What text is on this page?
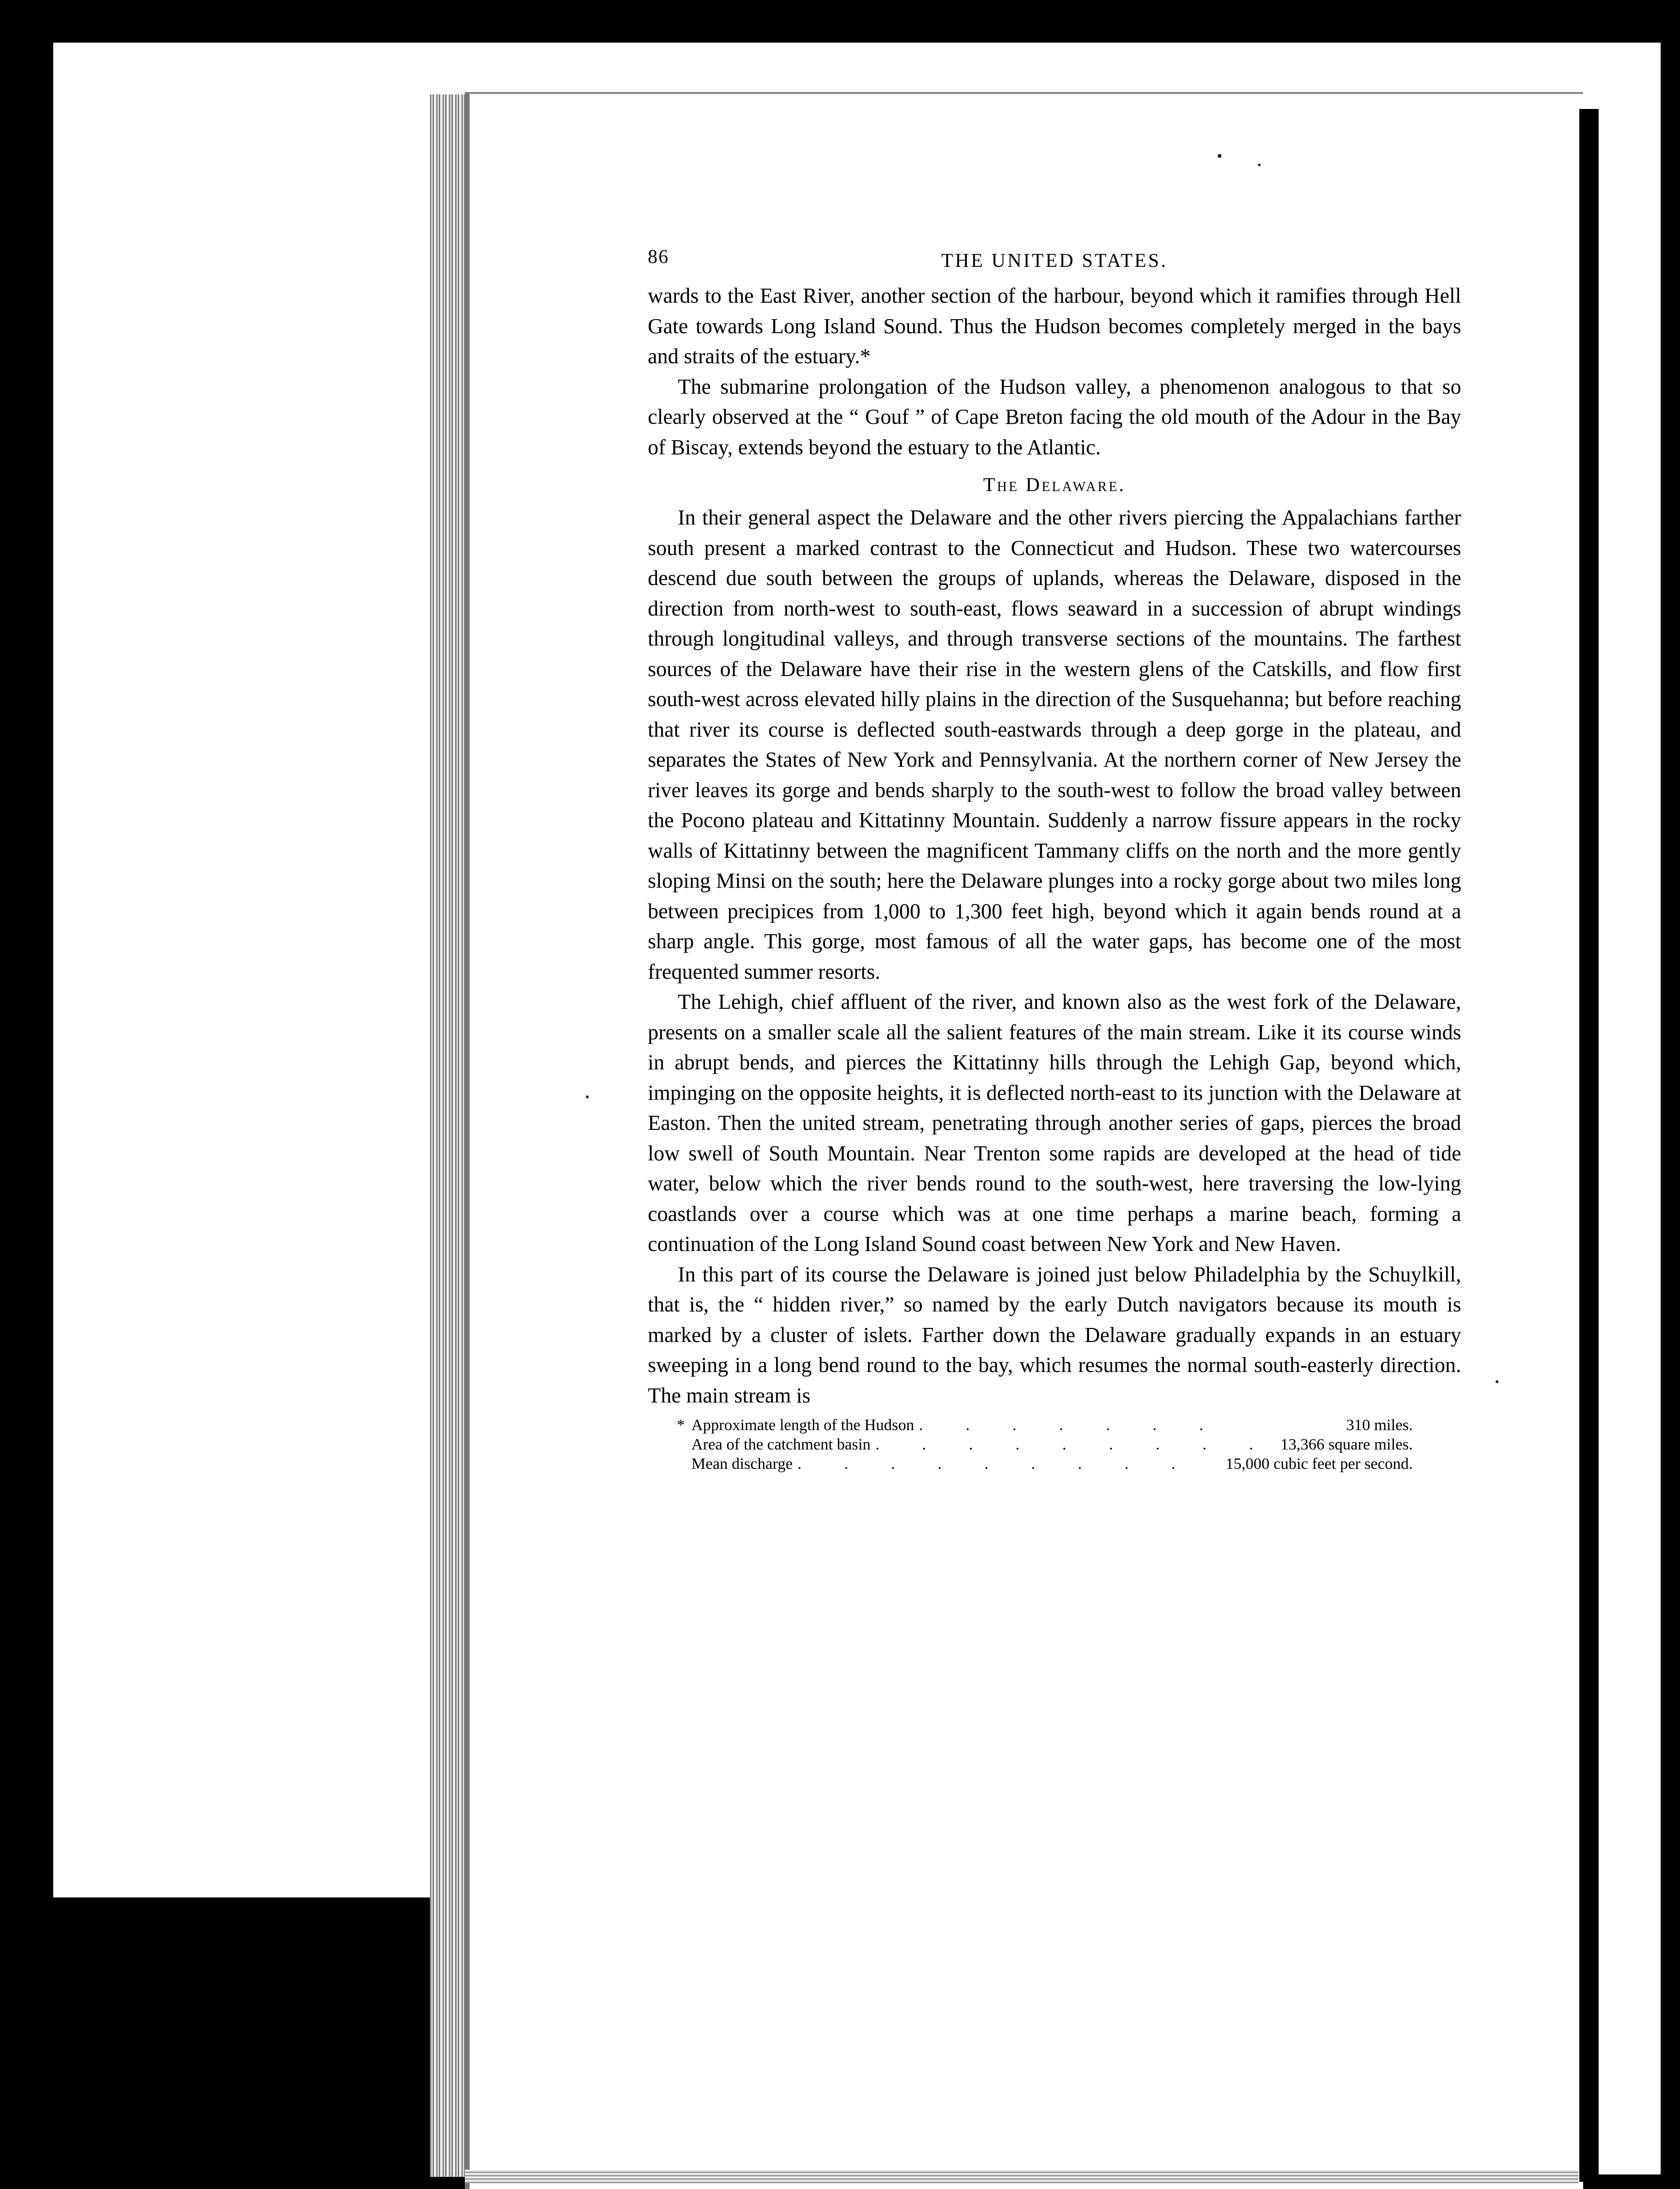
86	THE UNITED STATES.

wards to the East River, another section of the harbour, beyond which it ramifies through Hell Gate towards Long Island Sound. Thus the Hudson becomes completely merged in the bays and straits of the estuary.*

The submarine prolongation of the Hudson valley, a phenomenon analogous to that so clearly observed at the “ Gouf ” of Cape Breton facing the old mouth of the Adour in the Bay of Biscay, extends beyond the estuary to the Atlantic.

The Delaware.

In their general aspect the Delaware and the other rivers piercing the Appalachians farther south present a marked contrast to the Connecticut and Hudson. These two watercourses descend due south between the groups of uplands, whereas the Delaware, disposed in the direction from north-west to south-east, flows seaward in a succession of abrupt windings through longitudinal valleys, and through transverse sections of the mountains. The farthest sources of the Delaware have their rise in the western glens of the Catskills, and flow first south-west across elevated hilly plains in the direction of the Susquehanna; but before reaching that river its course is deflected south-eastwards through a deep gorge in the plateau, and separates the States of New York and Pennsylvania. At the northern corner of New Jersey the river leaves its gorge and bends sharply to the south-west to follow the broad valley between the Pocono plateau and Kittatinny Mountain. Suddenly a narrow fissure appears in the rocky walls of Kittatinny between the magnificent Tammany cliffs on the north and the more gently sloping Minsi on the south; here the Delaware plunges into a rocky gorge about two miles long between precipices from 1,000 to 1,300 feet high, beyond which it again bends round at a sharp angle. This gorge, most famous of all the water gaps, has become one of the most frequented summer resorts.

The Lehigh, chief affluent of the river, and known also as the west fork of the Delaware, presents on a smaller scale all the salient features of the main stream. Like it its course winds in abrupt bends, and pierces the Kittatinny hills through the Lehigh Gap, beyond which, impinging on the opposite heights, it is deflected north-east to its junction with the Delaware at Easton. Then the united stream, penetrating through another series of gaps, pierces the broad low swell of South Mountain. Near Trenton some rapids are developed at the head of tide water, below which the river bends round to the south-west, here traversing the low-lying coastlands over a course which was at one time perhaps a marine beach, forming a continuation of the Long Island Sound coast between New York and New Haven.

In this part of its course the Delaware is joined just below Philadelphia by the Schuylkill, that is, the “ hidden river,” so named by the early Dutch navigators because its mouth is marked by a cluster of islets. Farther down the Delaware gradually expands in an estuary sweeping in a long bend round to the bay, which resumes the normal south-easterly direction. The main stream is

* Approximate length of the Hudson . . . . . . .	310 miles.
Area of the catchment basin . . . . . . . . . 13,366 square miles.
Mean discharge . . . . . . . . .	15,000 cubic feet per second.
